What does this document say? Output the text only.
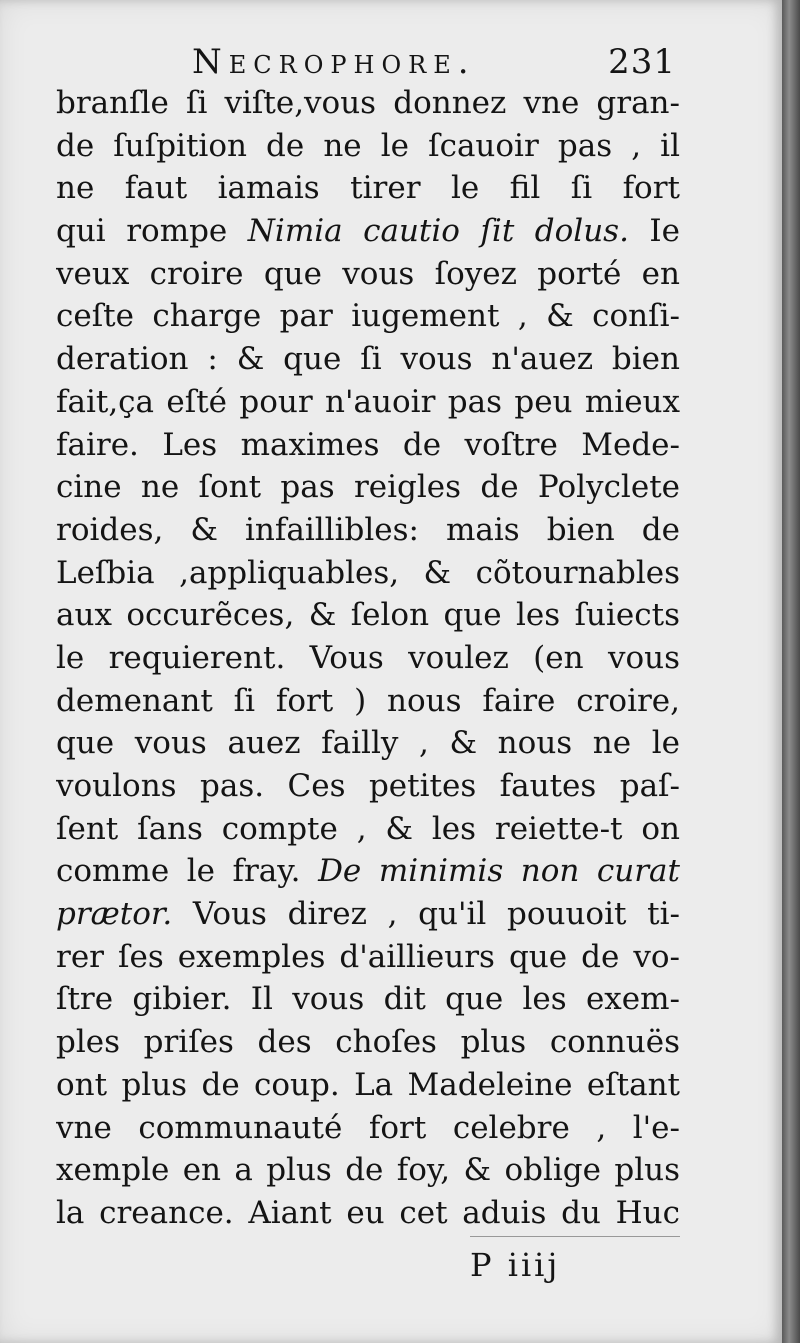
Necrophore.	231
branſle ſi viſte,vous donnez vne gran-
de ſuſpition de ne le ſcauoir pas , il
ne faut iamais tirer le fil ſi fort
qui rompe Nimia cautio ſit dolus. Ie
veux croire que vous ſoyez porté en
ceſte charge par iugement , & conſi-
deration : & que ſi vous n'auez bien
fait,ça eſté pour n'auoir pas peu mieux
faire. Les maximes de voſtre Mede-
cine ne ſont pas reigles de Polyclete
roides, & infaillibles: mais bien de
Leſbia ,appliquables, & cõtournables
aux occurẽces, & ſelon que les ſuiects
le requierent. Vous voulez (en vous
demenant ſi fort ) nous faire croire,
que vous auez failly , & nous ne le
voulons pas. Ces petites fautes paſ-
ſent ſans compte , & les reiette-t on
comme le fray. De minimis non curat
prætor. Vous direz , qu'il pouuoit ti-
rer ſes exemples d'aillieurs que de vo-
ſtre gibier. Il vous dit que les exem-
ples priſes des choſes plus connuës
ont plus de coup. La Madeleine eſtant
vne communauté fort celebre , l'e-
xemple en a plus de foy, & oblige plus
la creance. Aiant eu cet aduis du Huc
P iiij
